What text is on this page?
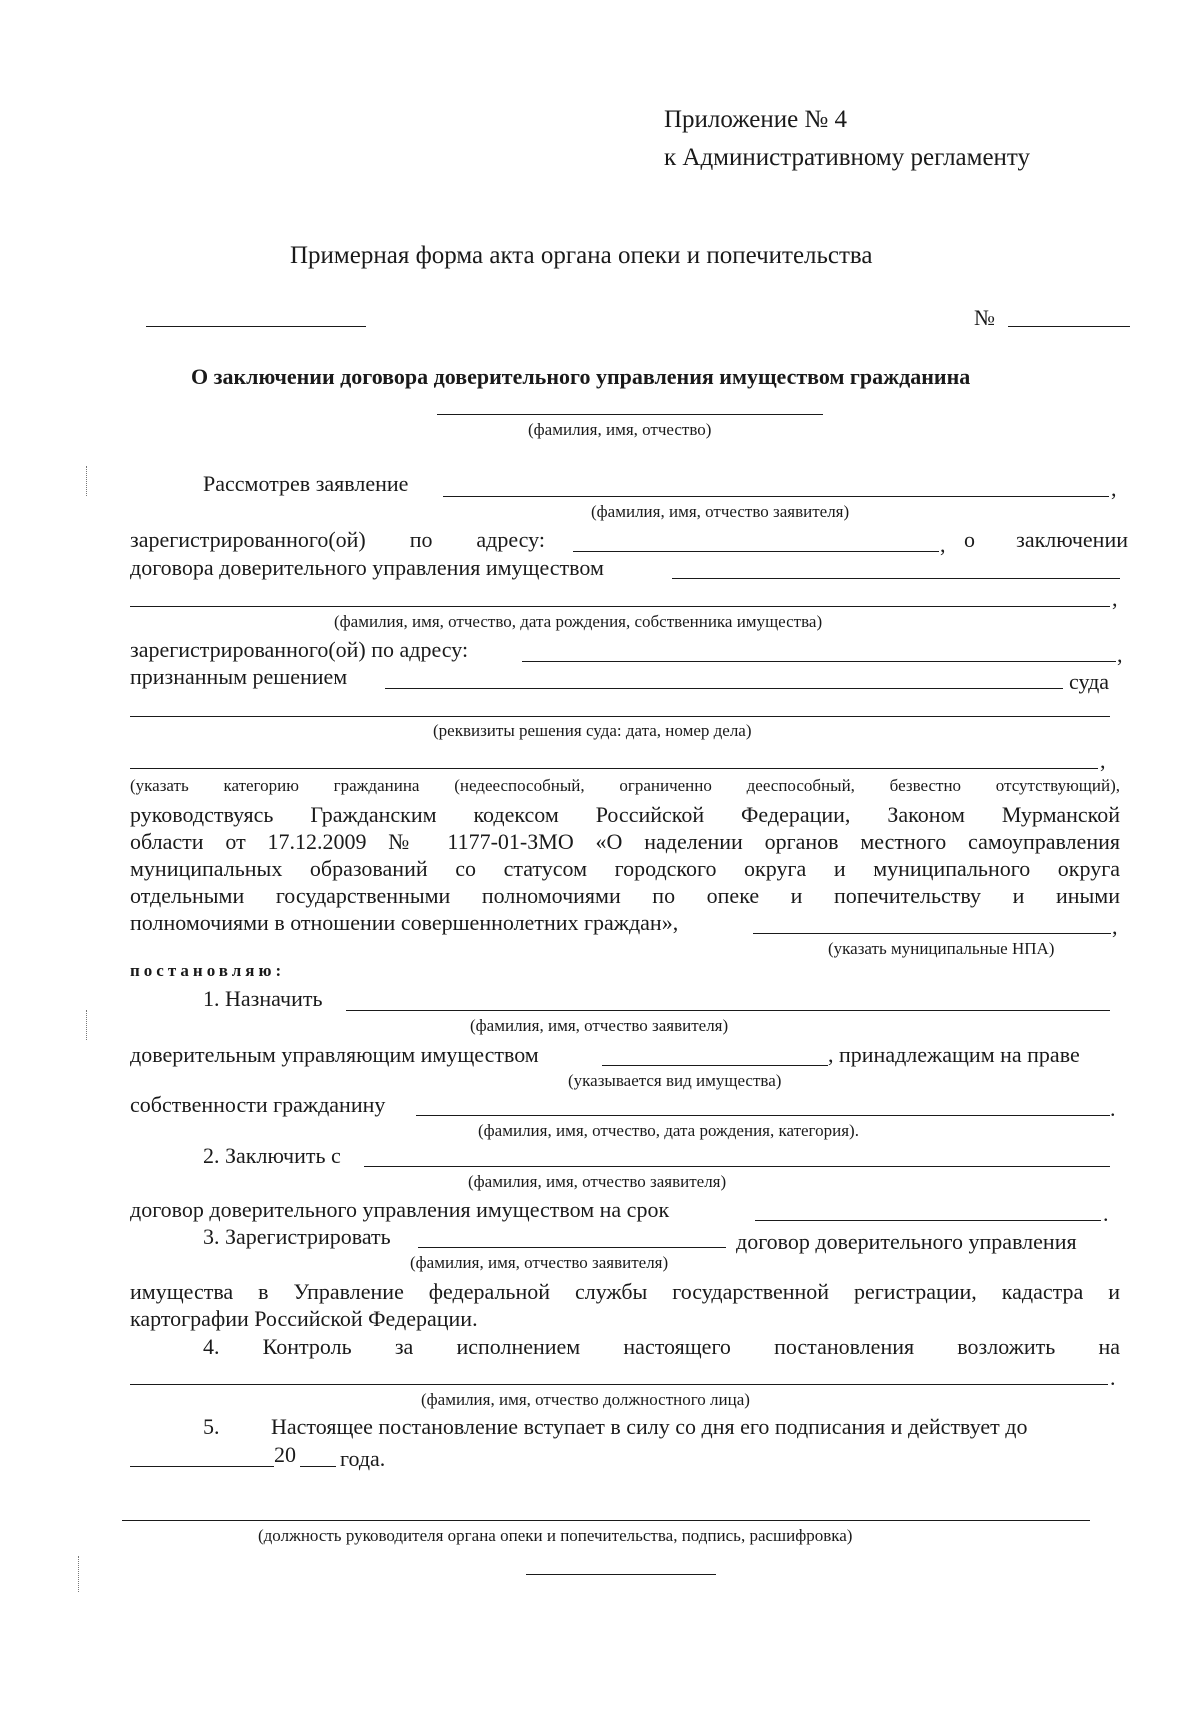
Приложение № 4
к Административному регламенту
Примерная форма акта органа опеки и попечительства
№
О заключении договора доверительного управления имуществом гражданина
(фамилия, имя, отчество)
Рассмотрев заявление	,
(фамилия, имя, отчество заявителя)
зарегистрированного(ой) по адресу:	, о заключении
договора доверительного управления имуществом
,
(фамилия, имя, отчество, дата рождения, собственника имущества)
зарегистрированного(ой) по адресу:	,
признанным решением	суда
(реквизиты решения суда: дата, номер дела)
,
(указать категорию гражданина (недееспособный, ограниченно дееспособный, безвестно отсутствующий),
руководствуясь Гражданским кодексом Российской Федерации, Законом Мурманской
области от 17.12.2009 № 1177-01-ЗМО «О наделении органов местного самоуправления
муниципальных образований со статусом городского округа и муниципального округа
отдельными государственными полномочиями по опеке и попечительству и иными
полномочиями в отношении совершеннолетних граждан»,	,
(указать муниципальные НПА)
постановляю:
1. Назначить
(фамилия, имя, отчество заявителя)
доверительным управляющим имуществом	, принадлежащим на праве
(указывается вид имущества)
собственности гражданину	.
(фамилия, имя, отчество, дата рождения, категория).
2. Заключить с
(фамилия, имя, отчество заявителя)
договор доверительного управления имуществом на срок	.
3. Зарегистрировать	договор доверительного управления
(фамилия, имя, отчество заявителя)
имущества в Управление федеральной службы государственной регистрации, кадастра и
картографии Российской Федерации.
4. Контроль за исполнением настоящего постановления возложить на
.
(фамилия, имя, отчество должностного лица)
5. Настоящее постановление вступает в силу со дня его подписания и действует до
20 года.
(должность руководителя органа опеки и попечительства, подпись, расшифровка)
